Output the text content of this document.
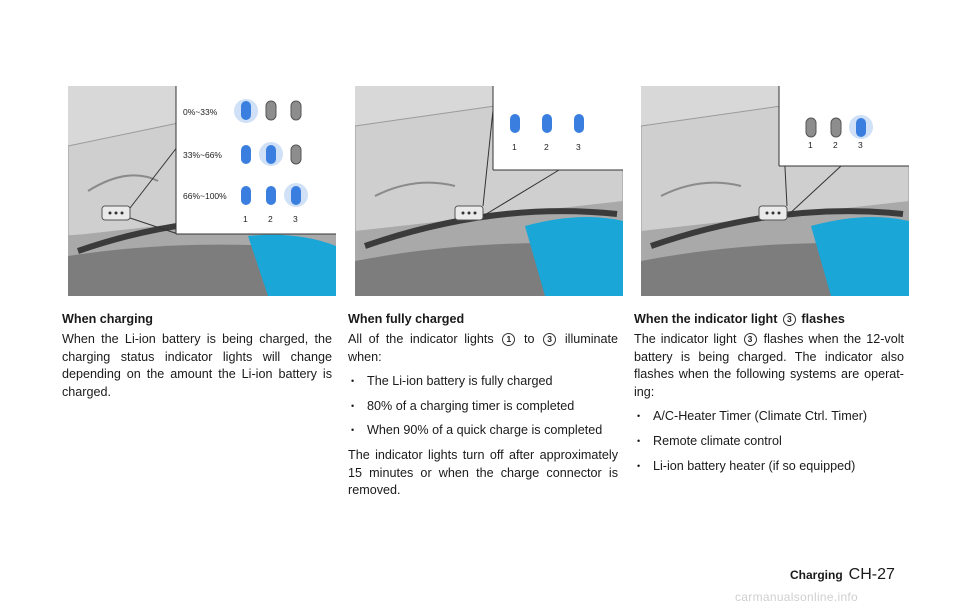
0%~33%
33%~66%
66%~100%
1 2 3
1	2	3	1 2 3
When charging

When the Li-ion battery is being charged, the charging status indicator lights will change depending on the amount the Li-ion battery is charged.

When fully charged

All of the indicator lights 1 to 3 illuminate when:

• The Li-ion battery is fully charged
• 80% of a charging timer is completed
• When 90% of a quick charge is completed

The indicator lights turn off after approximately 15 minutes or when the charge connector is removed.

When the indicator light 3 flashes

The indicator light 3 flashes when the 12-volt battery is being charged. The indicator also flashes when the following systems are operat- ing:

• A/C-Heater Timer (Climate Ctrl. Timer)
• Remote climate control
• Li-ion battery heater (if so equipped)
Charging CH-27
carmanualsonline.info
